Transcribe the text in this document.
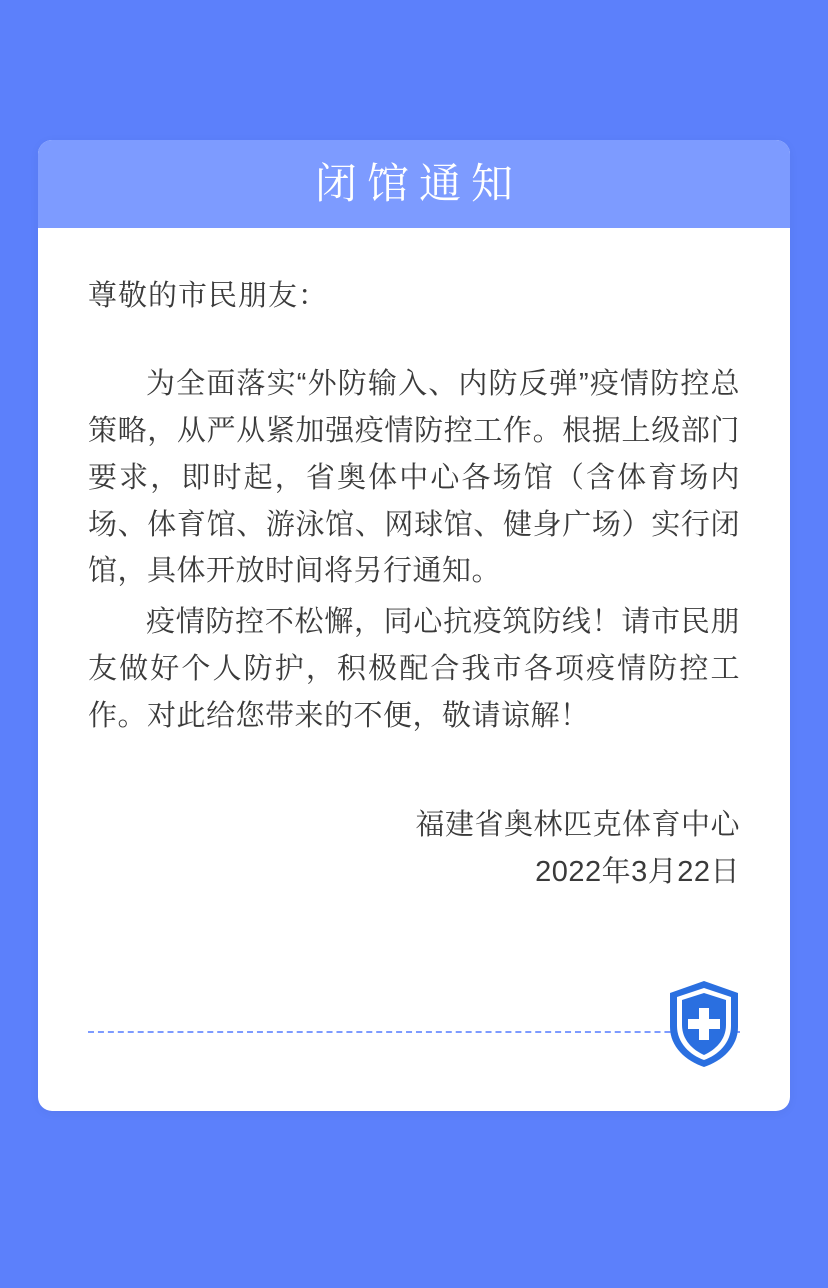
闭馆通知

尊敬的市民朋友：

为全面落实“外防输入、内防反弹”疫情防控总策略，从严从紧加强疫情防控工作。根据上级部门要求，即时起，省奥体中心各场馆（含体育场内场、体育馆、游泳馆、网球馆、健身广场）实行闭馆，具体开放时间将另行通知。

疫情防控不松懈，同心抗疫筑防线！请市民朋友做好个人防护，积极配合我市各项疫情防控工作。对此给您带来的不便，敬请谅解！

福建省奥林匹克体育中心
2022年3月22日
